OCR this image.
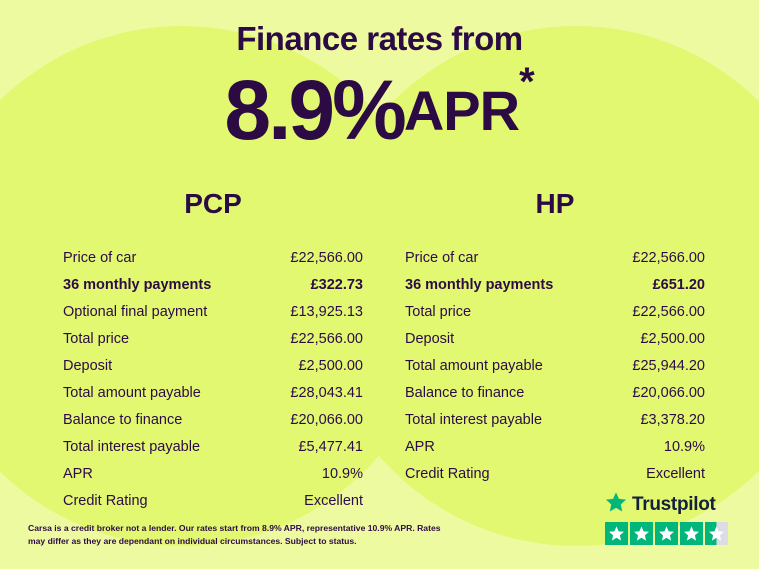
Finance rates from
8.9%APR*
PCP
Price of car	£22,566.00
36 monthly payments	£322.73
Optional final payment	£13,925.13
Total price	£22,566.00
Deposit	£2,500.00
Total amount payable	£28,043.41
Balance to finance	£20,066.00
Total interest payable	£5,477.41
APR	10.9%
Credit Rating	Excellent
HP
Price of car	£22,566.00
36 monthly payments	£651.20
Total price	£22,566.00
Deposit	£2,500.00
Total amount payable	£25,944.20
Balance to finance	£20,066.00
Total interest payable	£3,378.20
APR	10.9%
Credit Rating	Excellent
Carsa is a credit broker not a lender. Our rates start from 8.9% APR, representative 10.9% APR. Rates may differ as they are dependant on individual circumstances. Subject to status.
Trustpilot
